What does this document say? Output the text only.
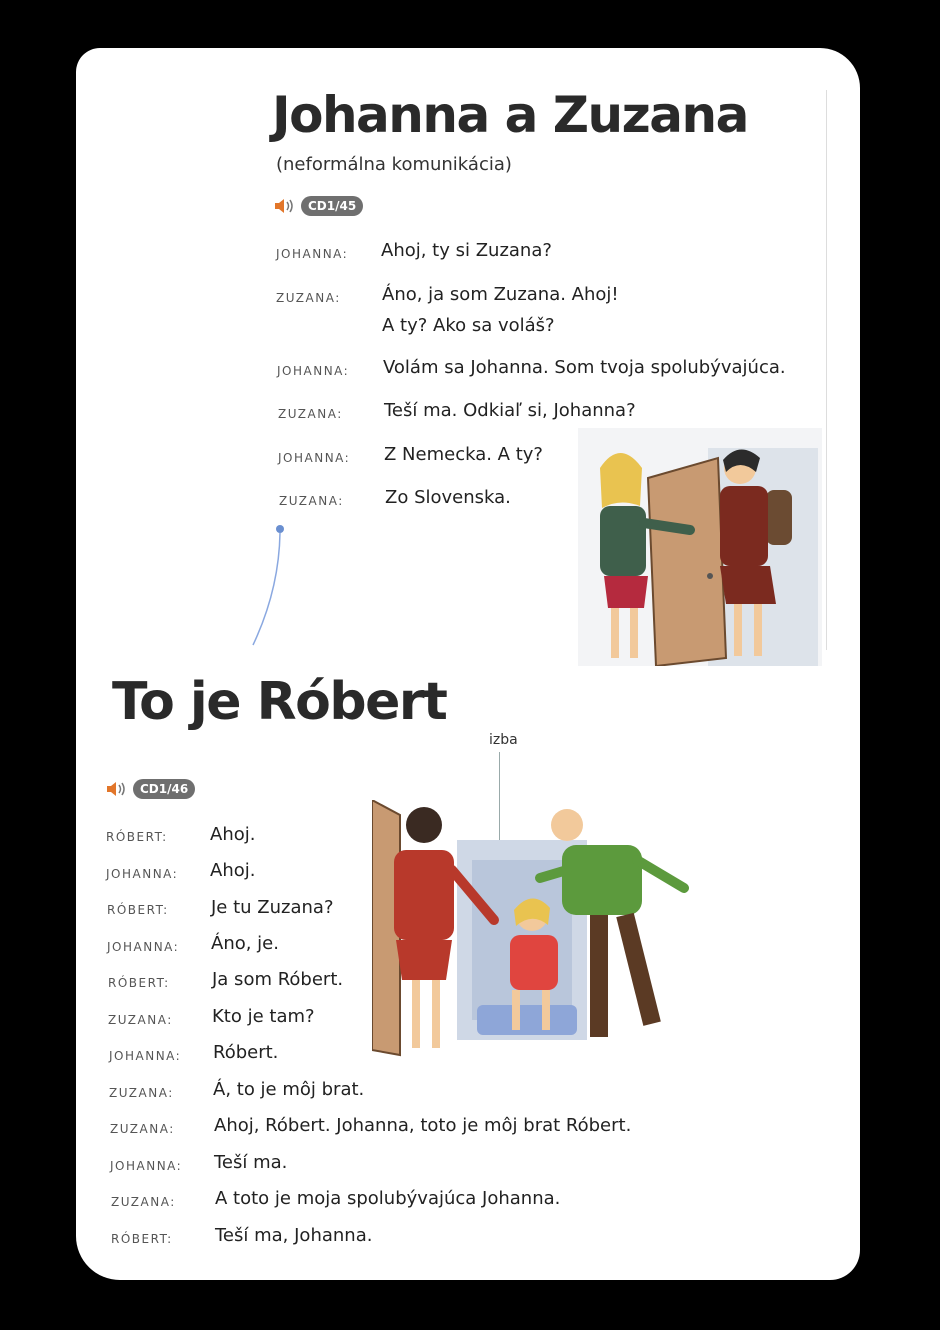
Johanna a Zuzana
(neformálna komunikácia)
CD1/45
JOHANNA: Ahoj, ty si Zuzana?
ZUZANA: Áno, ja som Zuzana. Ahoj!
A ty? Ako sa voláš?
JOHANNA: Volám sa Johanna. Som tvoja spolubývajúca.
ZUZANA: Teší ma. Odkiaľ si, Johanna?
JOHANNA: Z Nemecka. A ty?
ZUZANA: Zo Slovenska.
To je Róbert
CD1/46
izba
RÓBERT: Ahoj.
JOHANNA: Ahoj.
RÓBERT: Je tu Zuzana?
JOHANNA: Áno, je.
RÓBERT: Ja som Róbert.
ZUZANA: Kto je tam?
JOHANNA: Róbert.
ZUZANA: Á, to je môj brat.
ZUZANA: Ahoj, Róbert. Johanna, toto je môj brat Róbert.
JOHANNA: Teší ma.
ZUZANA: A toto je moja spolubývajúca Johanna.
RÓBERT: Teší ma, Johanna.
